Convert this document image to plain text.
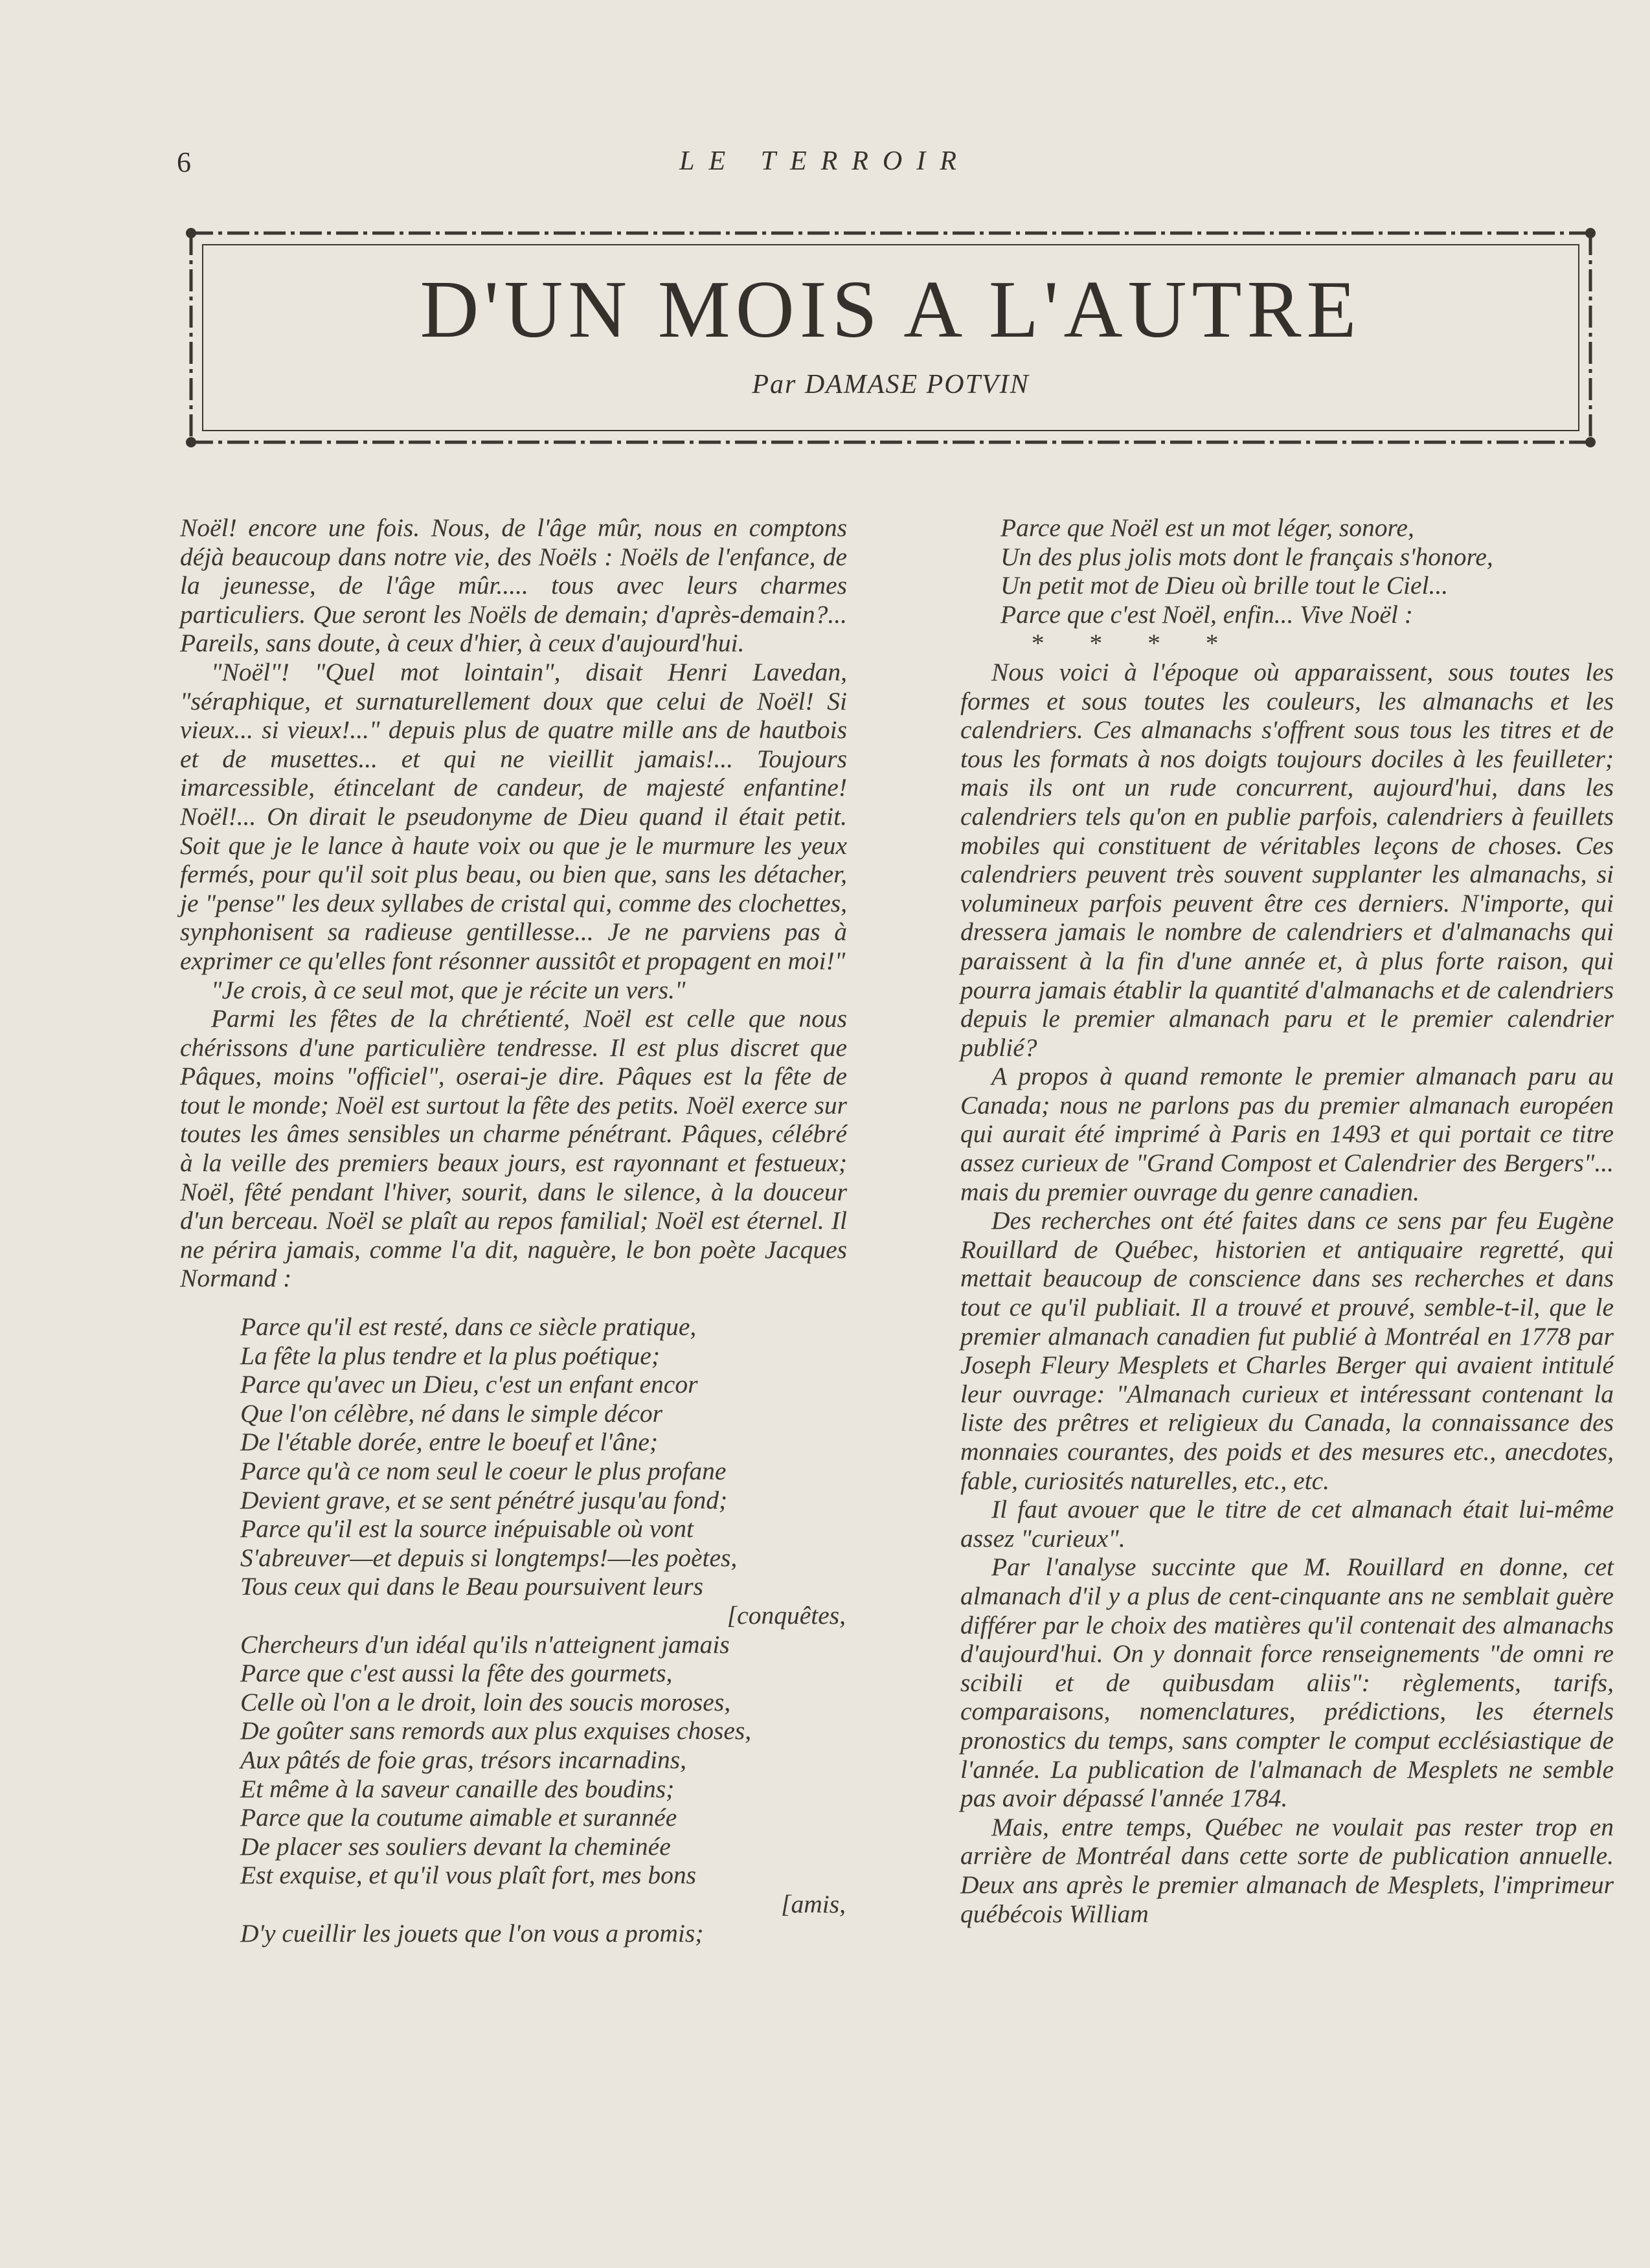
6	LE TERROIR
D'UN MOIS A L'AUTRE
Par DAMASE POTVIN

Noël! encore une fois. Nous, de l'âge mûr, nous en comptons déjà beaucoup dans notre vie, des Noëls : Noëls de l'enfance, de la jeunesse, de l'âge mûr..... tous avec leurs charmes particuliers. Que seront les Noëls de demain; d'après-demain?... Pareils, sans doute, à ceux d'hier, à ceux d'aujourd'hui.

"Noël"! "Quel mot lointain", disait Henri Lavedan, "séraphique, et surnaturellement doux que celui de Noël! Si vieux... si vieux!..." depuis plus de quatre mille ans de hautbois et de musettes... et qui ne vieillit jamais!... Toujours imarcessible, étincelant de candeur, de majesté enfantine! Noël!... On dirait le pseudonyme de Dieu quand il était petit. Soit que je le lance à haute voix ou que je le murmure les yeux fermés, pour qu'il soit plus beau, ou bien que, sans les détacher, je "pense" les deux syllabes de cristal qui, comme des clochettes, synphonisent sa radieuse gentillesse... Je ne parviens pas à exprimer ce qu'elles font résonner aussitôt et propagent en moi!"

"Je crois, à ce seul mot, que je récite un vers."

Parmi les fêtes de la chrétienté, Noël est celle que nous chérissons d'une particulière tendresse. Il est plus discret que Pâques, moins "officiel", oserai-je dire. Pâques est la fête de tout le monde; Noël est surtout la fête des petits. Noël exerce sur toutes les âmes sensibles un charme pénétrant. Pâques, célébré à la veille des premiers beaux jours, est rayonnant et festueux; Noël, fêté pendant l'hiver, sourit, dans le silence, à la douceur d'un berceau. Noël se plaît au repos familial; Noël est éternel. Il ne périra jamais, comme l'a dit, naguère, le bon poète Jacques Normand :

Parce qu'il est resté, dans ce siècle pratique,
La fête la plus tendre et la plus poétique;
Parce qu'avec un Dieu, c'est un enfant encor
Que l'on célèbre, né dans le simple décor
De l'étable dorée, entre le boeuf et l'âne;
Parce qu'à ce nom seul le coeur le plus profane
Devient grave, et se sent pénétré jusqu'au fond;
Parce qu'il est la source inépuisable où vont
S'abreuver—et depuis si longtemps!—les poètes,
Tous ceux qui dans le Beau poursuivent leurs
[conquêtes,
Chercheurs d'un idéal qu'ils n'atteignent jamais
Parce que c'est aussi la fête des gourmets,
Celle où l'on a le droit, loin des soucis moroses,
De goûter sans remords aux plus exquises choses,
Aux pâtés de foie gras, trésors incarnadins,
Et même à la saveur canaille des boudins;
Parce que la coutume aimable et surannée
De placer ses souliers devant la cheminée
Est exquise, et qu'il vous plaît fort, mes bons
[amis,
D'y cueillir les jouets que l'on vous a promis;
Parce que Noël est un mot léger, sonore,
Un des plus jolis mots dont le français s'honore,
Un petit mot de Dieu où brille tout le Ciel...
Parce que c'est Noël, enfin... Vive Noël :

* * * *

Nous voici à l'époque où apparaissent, sous toutes les formes et sous toutes les couleurs, les almanachs et les calendriers. Ces almanachs s'offrent sous tous les titres et de tous les formats à nos doigts toujours dociles à les feuilleter; mais ils ont un rude concurrent, aujourd'hui, dans les calendriers tels qu'on en publie parfois, calendriers à feuillets mobiles qui constituent de véritables leçons de choses. Ces calendriers peuvent très souvent supplanter les almanachs, si volumineux parfois peuvent être ces derniers. N'importe, qui dressera jamais le nombre de calendriers et d'almanachs qui paraissent à la fin d'une année et, à plus forte raison, qui pourra jamais établir la quantité d'almanachs et de calendriers depuis le premier almanach paru et le premier calendrier publié?

A propos à quand remonte le premier almanach paru au Canada; nous ne parlons pas du premier almanach européen qui aurait été imprimé à Paris en 1493 et qui portait ce titre assez curieux de "Grand Compost et Calendrier des Bergers"... mais du premier ouvrage du genre canadien.

Des recherches ont été faites dans ce sens par feu Eugène Rouillard de Québec, historien et antiquaire regretté, qui mettait beaucoup de conscience dans ses recherches et dans tout ce qu'il publiait. Il a trouvé et prouvé, semble-t-il, que le premier almanach canadien fut publié à Montréal en 1778 par Joseph Fleury Mesplets et Charles Berger qui avaient intitulé leur ouvrage: "Almanach curieux et intéressant contenant la liste des prêtres et religieux du Canada, la connaissance des monnaies courantes, des poids et des mesures etc., anecdotes, fable, curiosités naturelles, etc., etc.

Il faut avouer que le titre de cet almanach était lui-même assez "curieux".

Par l'analyse succinte que M. Rouillard en donne, cet almanach d'il y a plus de cent-cinquante ans ne semblait guère différer par le choix des matières qu'il contenait des almanachs d'aujourd'hui. On y donnait force renseignements "de omni re scibili et de quibusdam aliis": règlements, tarifs, comparaisons, nomenclatures, prédictions, les éternels pronostics du temps, sans compter le comput ecclésiastique de l'année. La publication de l'almanach de Mesplets ne semble pas avoir dépassé l'année 1784.

Mais, entre temps, Québec ne voulait pas rester trop en arrière de Montréal dans cette sorte de publication annuelle. Deux ans après le premier almanach de Mesplets, l'imprimeur québécois William
